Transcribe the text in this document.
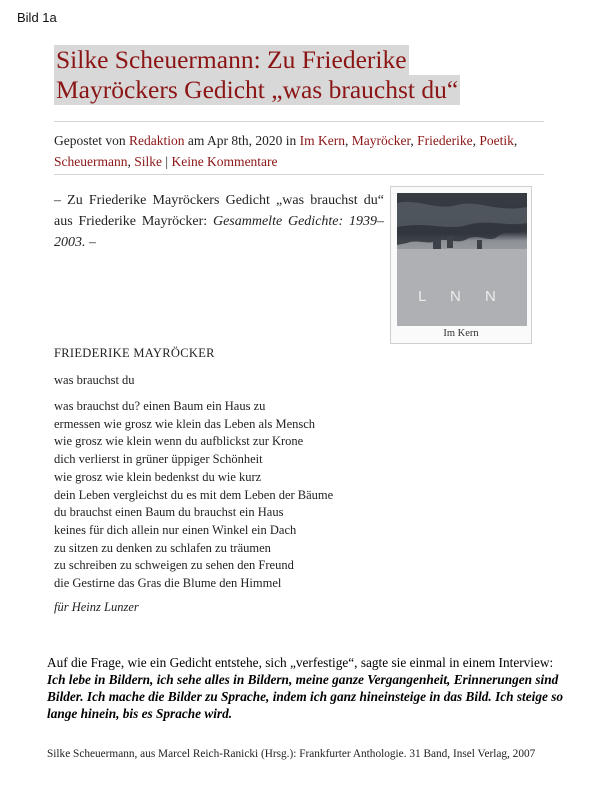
Bild 1a
Silke Scheuermann: Zu Friederike
Mayröckers Gedicht „was brauchst du“
Gepostet von Redaktion am Apr 8th, 2020 in Im Kern, Mayröcker, Friederike, Poetik, Scheuermann, Silke | Keine Kommentare
– Zu Friederike Mayröckers Gedicht „was brauchst du“ aus Friederike Mayröcker: Gesammelte Gedichte: 1939–2003. –
L N N
Im Kern
FRIEDERIKE MAYRÖCKER
was brauchst du
was brauchst du? einen Baum ein Haus zu
ermessen wie grosz wie klein das Leben als Mensch
wie grosz wie klein wenn du aufblickst zur Krone
dich verlierst in grüner üppiger Schönheit
wie grosz wie klein bedenkst du wie kurz
dein Leben vergleichst du es mit dem Leben der Bäume
du brauchst einen Baum du brauchst ein Haus
keines für dich allein nur einen Winkel ein Dach
zu sitzen zu denken zu schlafen zu träumen
zu schreiben zu schweigen zu sehen den Freund
die Gestirne das Gras die Blume den Himmel
für Heinz Lunzer
Auf die Frage, wie ein Gedicht entstehe, sich „verfestige“, sagte sie einmal in einem Interview:
Ich lebe in Bildern, ich sehe alles in Bildern, meine ganze Vergangenheit, Erinnerungen sind Bilder. Ich mache die Bilder zu Sprache, indem ich ganz hineinsteige in das Bild. Ich steige so lange hinein, bis es Sprache wird.
Silke Scheuermann, aus Marcel Reich-Ranicki (Hrsg.): Frankfurter Anthologie. 31 Band, Insel Verlag, 2007
